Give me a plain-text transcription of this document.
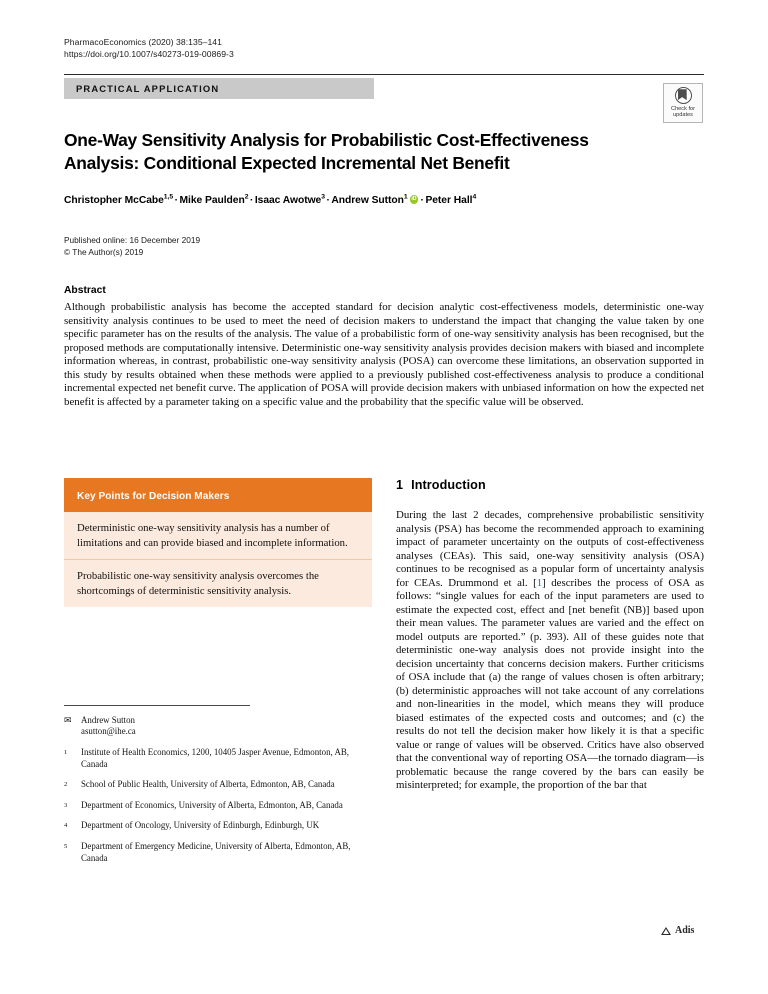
PharmacoEconomics (2020) 38:135–141
https://doi.org/10.1007/s40273-019-00869-3
PRACTICAL APPLICATION
Check for
updates
One-Way Sensitivity Analysis for Probabilistic Cost-Effectiveness Analysis: Conditional Expected Incremental Net Benefit
Christopher McCabe$^{1,5}$ · Mike Paulden$^2$ · Isaac Awotwe$^3$ · Andrew Sutton$^1$ iD · Peter Hall$^4$
Published online: 16 December 2019
© The Author(s) 2019
Abstract
Although probabilistic analysis has become the accepted standard for decision analytic cost-effectiveness models, deterministic one-way sensitivity analysis continues to be used to meet the need of decision makers to understand the impact that changing the value taken by one specific parameter has on the results of the analysis. The value of a probabilistic form of one-way sensitivity analysis has been recognised, but the proposed methods are computationally intensive. Deterministic one-way sensitivity analysis provides decision makers with biased and incomplete information whereas, in contrast, probabilistic one-way sensitivity analysis (POSA) can overcome these limitations, an observation supported in this study by results obtained when these methods were applied to a previously published cost-effectiveness analysis to produce a conditional incremental expected net benefit curve. The application of POSA will provide decision makers with unbiased information on how the expected net benefit is affected by a parameter taking on a specific value and the probability that the specific value will be observed.
Key Points for Decision Makers
Deterministic one-way sensitivity analysis has a number of limitations and can provide biased and incomplete information.
Probabilistic one-way sensitivity analysis overcomes the shortcomings of deterministic sensitivity analysis.
✉	Andrew Sutton
asutton@ihe.ca
1	Institute of Health Economics, 1200, 10405 Jasper Avenue, Edmonton, AB, Canada
2	School of Public Health, University of Alberta, Edmonton, AB, Canada
3	Department of Economics, University of Alberta, Edmonton, AB, Canada
4	Department of Oncology, University of Edinburgh, Edinburgh, UK
5	Department of Emergency Medicine, University of Alberta, Edmonton, AB, Canada
1 Introduction
During the last 2 decades, comprehensive probabilistic sensitivity analysis (PSA) has become the recommended approach to examining impact of parameter uncertainty on the outputs of cost-effectiveness analyses (CEAs). This said, one-way sensitivity analysis (OSA) continues to be recognised as a popular form of uncertainty analysis for CEAs. Drummond et al. [1] describes the process of OSA as follows: “single values for each of the input parameters are used to estimate the expected cost, effect and [net benefit (NB)] based upon their mean values. The parameter values are varied and the effect on model outputs are reported.” (p. 393). All of these guides note that deterministic one-way analysis does not provide insight into the decision uncertainty that concerns decision makers. Further criticisms of OSA include that (a) the range of values chosen is often arbitrary; (b) deterministic approaches will not take account of any correlations and non-linearities in the model, which means they will produce biased estimates of the expected costs and outcomes; and (c) the results do not tell the decision maker how likely it is that a specific value or range of values will be observed. Critics have also observed that the conventional way of reporting OSA—the tornado diagram—is problematic because the range covered by the bars can easily be misinterpreted; for example, the proportion of the bar that
Adis
